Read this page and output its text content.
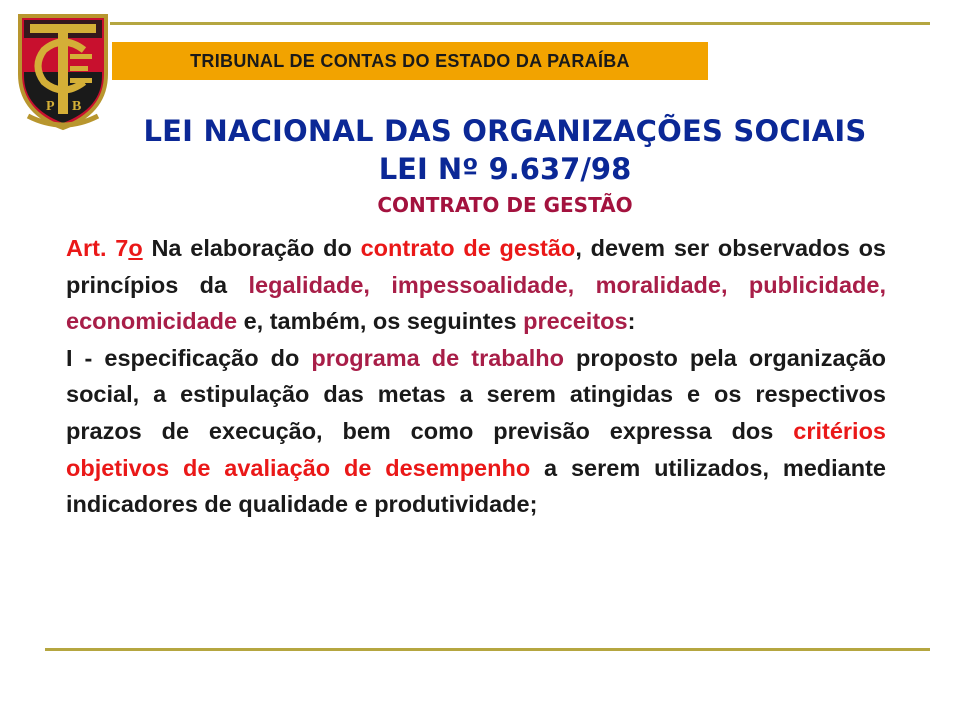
P B
TRIBUNAL DE CONTAS DO ESTADO DA PARAÍBA
LEI NACIONAL DAS ORGANIZAÇÕES SOCIAIS
LEI Nº 9.637/98
CONTRATO DE GESTÃO

Art. 7o Na elaboração do contrato de gestão, devem ser observados os princípios da legalidade, impessoalidade, moralidade, publicidade, economicidade e, também, os seguintes preceitos:

I - especificação do programa de trabalho proposto pela organização social, a estipulação das metas a serem atingidas e os respectivos prazos de execução, bem como previsão expressa dos critérios objetivos de avaliação de desempenho a serem utilizados, mediante indicadores de qualidade e produtividade;
